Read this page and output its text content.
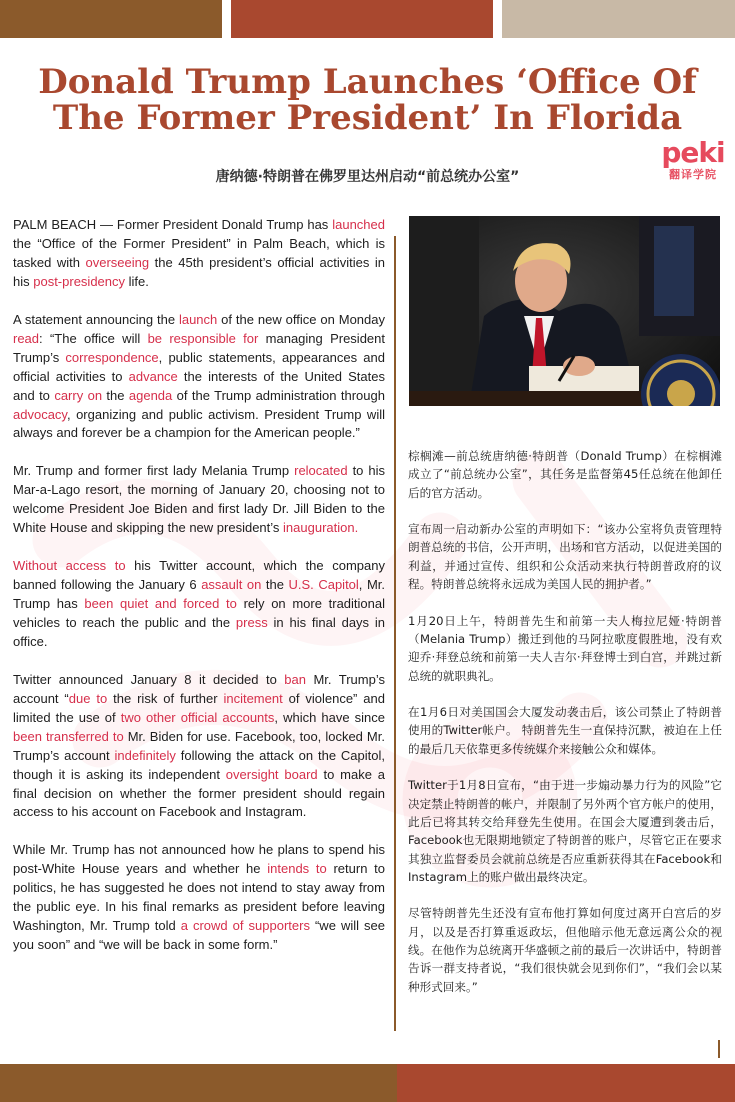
Donald Trump Launches ‘Office Of The Former President’ In Florida
peki
翻译学院
唐纳德·特朗普在佛罗里达州启动“前总统办公室”

PALM BEACH — Former President Donald Trump has launched the “Office of the Former President” in Palm Beach, which is tasked with overseeing the 45th president’s official activities in his post-presidency life.

A statement announcing the launch of the new office on Monday read: “The office will be responsible for managing President Trump’s correspondence, public statements, appearances and official activities to advance the interests of the United States and to carry on the agenda of the Trump administration through advocacy, organizing and public activism. President Trump will always and forever be a champion for the American people.”

Mr. Trump and former first lady Melania Trump relocated to his Mar-a-Lago resort, the morning of January 20, choosing not to welcome President Joe Biden and first lady Dr. Jill Biden to the White House and skipping the new president’s inauguration.

Without access to his Twitter account, which the company banned following the January 6 assault on the U.S. Capitol, Mr. Trump has been quiet and forced to rely on more traditional vehicles to reach the public and the press in his final days in office.

Twitter announced January 8 it decided to ban Mr. Trump’s account “due to the risk of further incitement of violence” and limited the use of two other official accounts, which have since been transferred to Mr. Biden for use. Facebook, too, locked Mr. Trump’s account indefinitely following the attack on the Capitol, though it is asking its independent oversight board to make a final decision on whether the former president should regain access to his account on Facebook and Instagram.

While Mr. Trump has not announced how he plans to spend his post-White House years and whether he intends to return to politics, he has suggested he does not intend to stay away from the public eye. In his final remarks as president before leaving Washington, Mr. Trump told a crowd of supporters “we will see you soon” and “we will be back in some form.”

棕榈滩—前总统唐纳德·特朗普（Donald Trump）在棕榈滩成立了“前总统办公室”，其任务是监督第45任总统在他卸任后的官方活动。

宣布周一启动新办公室的声明如下：“该办公室将负责管理特朗普总统的书信，公开声明，出场和官方活动，以促进美国的利益，并通过宣传、组织和公众活动来执行特朗普政府的议程。特朗普总统将永远成为美国人民的拥护者。”

1月20日上午，特朗普先生和前第一夫人梅拉尼娅·特朗普（Melania Trump）搬迁到他的马阿拉歌度假胜地，没有欢迎乔·拜登总统和前第一夫人吉尔·拜登博士到白宫，并跳过新总统的就职典礼。

在1月6日对美国国会大厦发动袭击后，该公司禁止了特朗普使用的Twitter帐户。 特朗普先生一直保持沉默，被迫在上任的最后几天依靠更多传统媒介来接触公众和媒体。

Twitter于1月8日宣布，“由于进一步煽动暴力行为的风险”它决定禁止特朗普的帐户，并限制了另外两个官方帐户的使用，此后已将其转交给拜登先生使用。在国会大厦遭到袭击后，Facebook也无限期地锁定了特朗普的账户，尽管它正在要求其独立监督委员会就前总统是否应重新获得其在Facebook和Instagram上的账户做出最终决定。

尽管特朗普先生还没有宣布他打算如何度过离开白宫后的岁月，以及是否打算重返政坛，但他暗示他无意远离公众的视线。在他作为总统离开华盛顿之前的最后一次讲话中，特朗普告诉一群支持者说，“我们很快就会见到你们”，“我们会以某种形式回来。”
